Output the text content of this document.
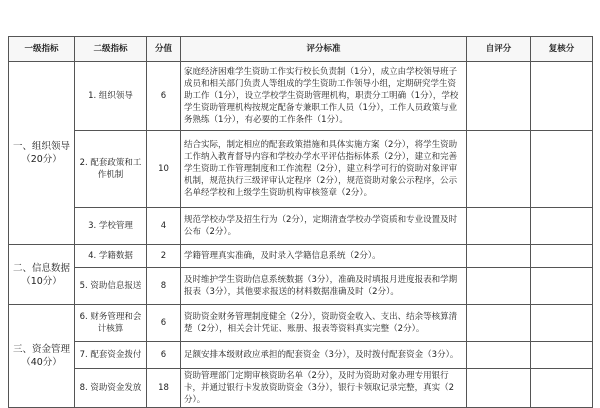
一级指标	二级指标	分值	评分标准	自评分	复核分
一、组织领导
（20分）	1. 组织领导	6	家庭经济困难学生资助工作实行校长负责制（1分），成立由学校领导班子成员和相关部门负责人等组成的学生资助工作领导小组，定期研究学生资助工作（1分），设立学校学生资助管理机构，职责分工明确（1分），学校学生资助管理机构按规定配备专兼职工作人员（1分），工作人员政策与业务熟练（1分），有必要的工作条件（1分）。		
	2. 配套政策和工作机制	10	结合实际，制定相应的配套政策措施和具体实施方案（2分），将学生资助工作纳入教育督导内容和学校办学水平评估指标体系（2分），建立和完善学生资助工作管理制度和工作流程（2分），建立科学可行的资助对象评审机制，规范执行三级评审认定程序（2分），规范资助对象公示程序，公示名单经学校和上级学生资助机构审核签章（2分）。		
	3. 学校管理	4	规范学校办学及招生行为（2分），定期清查学校办学资质和专业设置及时公布（2分）。		
二、信息数据
（10分）	4. 学籍数据	2	学籍管理真实准确，及时录入学籍信息系统（2分）。		
	5. 资助信息报送	8	及时维护学生资助信息系统数据（3分），准确及时填报月进度报表和学期报表（3分），其他要求报送的材料数据准确及时（2分）。		
三、资金管理
（40分）	6. 财务管理和会计核算	6	资助资金财务管理制度健全（2分），资助资金收入、支出、结余等核算清楚（2分），相关会计凭证、账册、报表等资料真实完整（2分）。		
	7. 配套资金拨付	6	足额安排本级财政应承担的配套资金（3分），及时拨付配套资金（3分）。		
	8. 资助资金发放	18	资助管理部门定期审核资助名单（2分），及时为资助对象办理专用银行卡，并通过银行卡发放资助资金（3分），银行卡领取记录完整，真实（2分）。		
